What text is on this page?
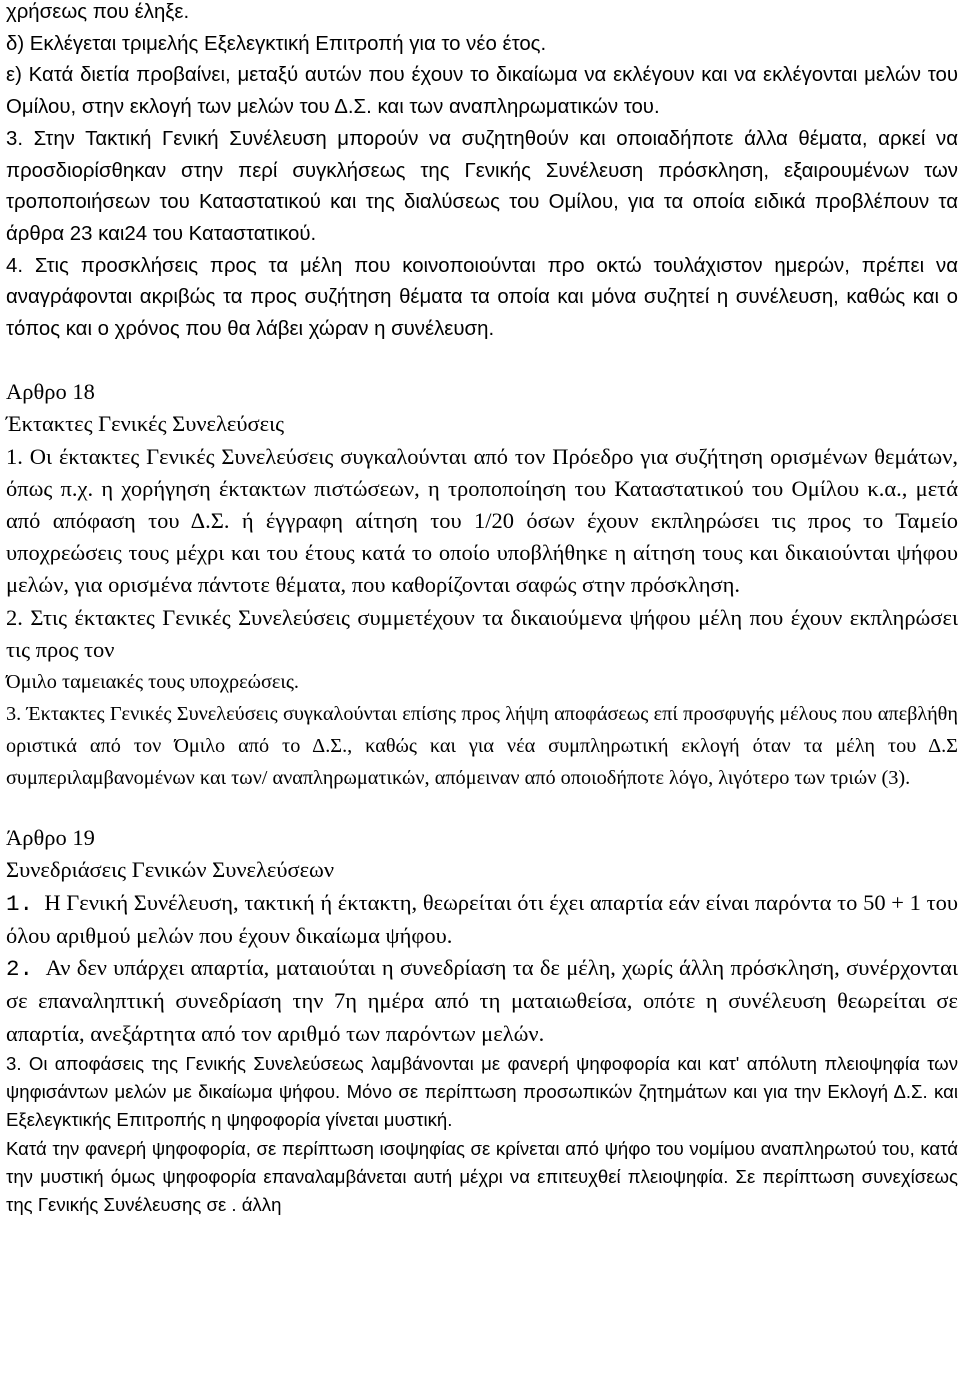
χρήσεως που έληξε.

δ) Εκλέγεται τριμελής Εξελεγκτική Επιτροπή για το νέο έτος.

ε) Κατά διετία προβαίνει, μεταξύ αυτών που έχουν το δικαίωμα να εκλέγουν και να εκλέγονται μελών του Ομίλου, στην εκλογή των μελών του Δ.Σ. και των αναπληρωματικών του.

3. Στην Τακτική Γενική Συνέλευση μπορούν να συζητηθούν και οποιαδήποτε άλλα θέματα, αρκεί να προσδιορίσθηκαν στην περί συγκλήσεως της Γενικής Συνέλευση πρόσκληση, εξαιρουμένων των τροποποιήσεων του Καταστατικού και της διαλύσεως του Ομίλου, για τα οποία ειδικά προβλέπουν τα άρθρα 23 και24 του Καταστατικού.

4. Στις προσκλήσεις προς τα μέλη που κοινοποιούνται προ οκτώ τουλάχιστον ημερών, πρέπει να αναγράφονται ακριβώς τα προς συζήτηση θέματα τα οποία και μόνα συζητεί η συνέλευση, καθώς και ο τόπος και ο χρόνος που θα λάβει χώραν η συνέλευση.

Αρθρο 18

Έκτακτες Γενικές Συνελεύσεις

1. Οι έκτακτες Γενικές Συνελεύσεις συγκαλούνται από τον Πρόεδρο για συζήτηση ορισμένων θεμάτων, όπως π.χ. η χορήγηση έκτακτων πιστώσεων, η τροποποίηση του Καταστατικού του Ομίλου κ.α., μετά από απόφαση του Δ.Σ. ή έγγραφη αίτηση του 1/20 όσων έχουν εκπληρώσει τις προς το Ταμείο υποχρεώσεις τους μέχρι και του έτους κατά το οποίο υποβλήθηκε η αίτηση τους και δικαιούνται ψήφου μελών, για ορισμένα πάντοτε θέματα, που καθορίζονται σαφώς στην πρόσκληση.

2. Στις έκτακτες Γενικές Συνελεύσεις συμμετέχουν τα δικαιούμενα ψήφου μέλη που έχουν εκπληρώσει τις προς τον

Όμιλο ταμειακές τους υποχρεώσεις.

3. Έκτακτες Γενικές Συνελεύσεις συγκαλούνται επίσης προς λήψη αποφάσεως επί προσφυγής μέλους που απεβλήθη οριστικά από τον Όμιλο από το Δ.Σ., καθώς και για νέα συμπληρωτική εκλογή όταν τα μέλη του Δ.Σ συμπεριλαμβανομένων και των/ αναπληρωματικών, απόμειναν από οποιοδήποτε λόγο, λιγότερο των τριών (3).

Άρθρο 19

Συνεδριάσεις Γενικών Συνελεύσεων

1. Η Γενική Συνέλευση, τακτική ή έκτακτη, θεωρείται ότι έχει απαρτία εάν είναι παρόντα το 50 + 1 του όλου αριθμού μελών που έχουν δικαίωμα ψήφου.

2. Αν δεν υπάρχει απαρτία, ματαιούται η συνεδρίαση τα δε μέλη, χωρίς άλλη πρόσκληση, συνέρχονται σε επαναληπτική συνεδρίαση την 7η ημέρα από τη ματαιωθείσα, οπότε η συνέλευση θεωρείται σε απαρτία, ανεξάρτητα από τον αριθμό των παρόντων μελών.

3. Οι αποφάσεις της Γενικής Συνελεύσεως λαμβάνονται με φανερή ψηφοφορία και κατ' απόλυτη πλειοψηφία των ψηφισάντων μελών με δικαίωμα ψήφου. Μόνο σε περίπτωση προσωπικών ζητημάτων και για την Εκλογή Δ.Σ. και Εξελεγκτικής Επιτροπής η ψηφοφορία γίνεται μυστική.

Κατά την φανερή ψηφοφορία, σε περίπτωση ισοψηφίας σε κρίνεται από ψήφο του νομίμου αναπληρωτού του, κατά την μυστική όμως ψηφοφορία επαναλαμβάνεται αυτή μέχρι να επιτευχθεί πλειοψηφία. Σε περίπτωση συνεχίσεως της Γενικής Συνέλευσης σε . άλλη
